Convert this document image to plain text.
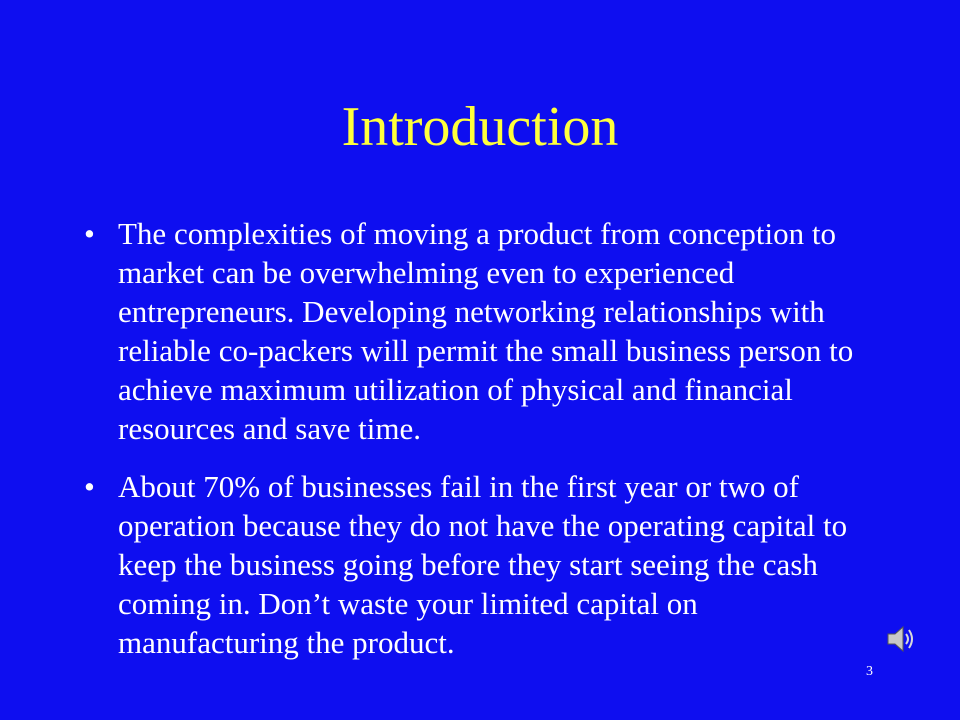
Introduction
• The complexities of moving a product from conception to market can be overwhelming even to experienced entrepreneurs. Developing networking relationships with reliable co-packers will permit the small business person to achieve maximum utilization of physical and financial resources and save time.
• About 70% of businesses fail in the first year or two of operation because they do not have the operating capital to keep the business going before they start seeing the cash coming in. Don’t waste your limited capital on manufacturing the product.
3
